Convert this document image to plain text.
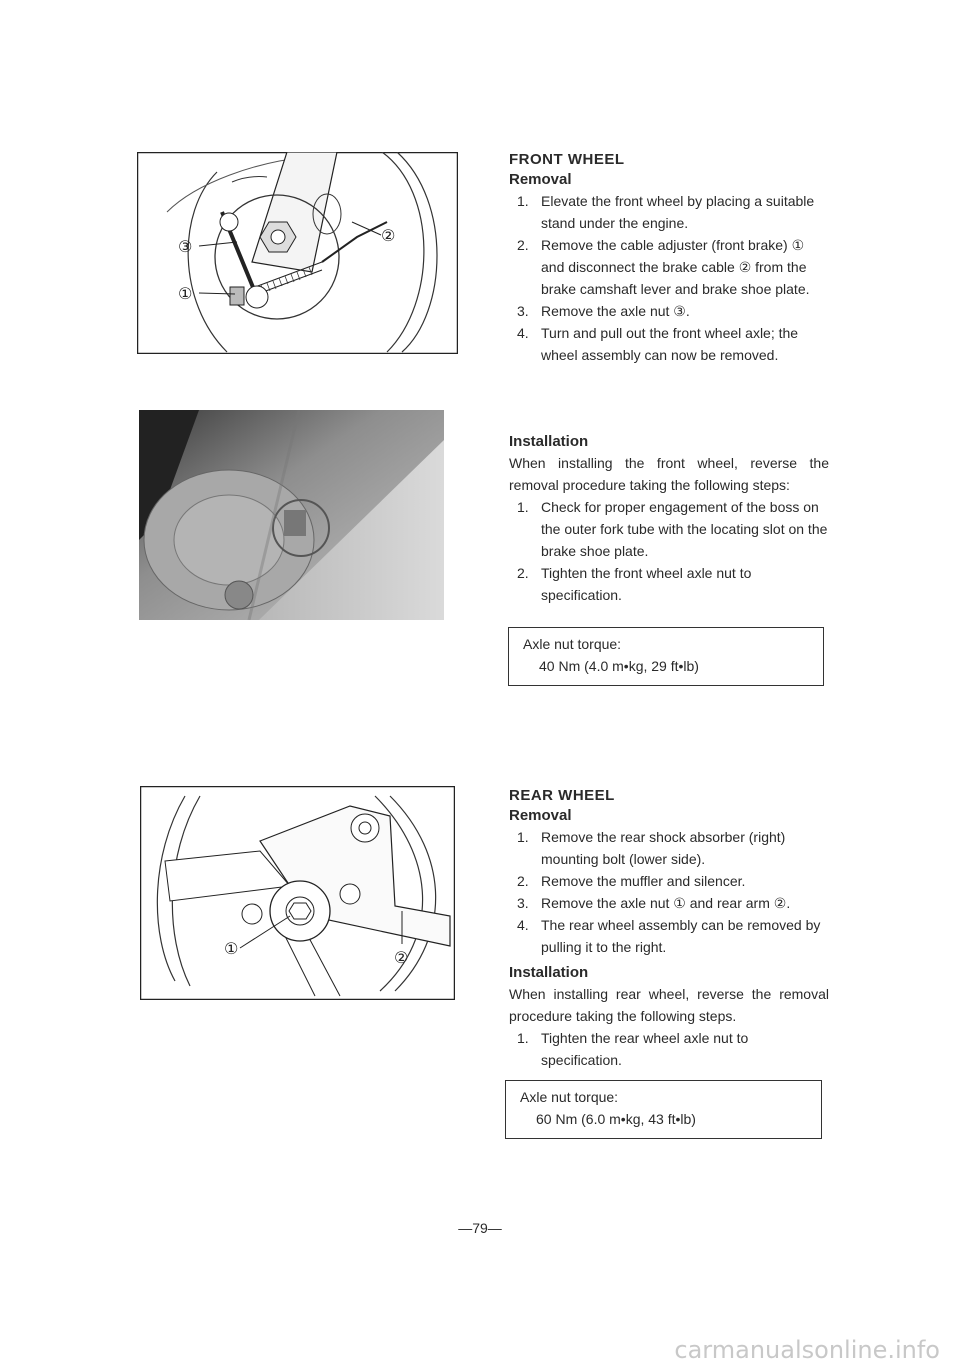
③
①
②
①	②
FRONT WHEEL
Removal
1. Elevate the front wheel by placing a suitable stand under the engine.
2. Remove the cable adjuster (front brake) ① and disconnect the brake cable ② from the brake camshaft lever and brake shoe plate.
3. Remove the axle nut ③.
4. Turn and pull out the front wheel axle; the wheel assembly can now be removed.
Installation
When installing the front wheel, reverse the removal procedure taking the following steps:
1. Check for proper engagement of the boss on the outer fork tube with the locating slot on the brake shoe plate.
2. Tighten the front wheel axle nut to specification.
Axle nut torque:
40 Nm (4.0 m•kg, 29 ft•lb)
REAR WHEEL
Removal
1. Remove the rear shock absorber (right) mounting bolt (lower side).
2. Remove the muffler and silencer.
3. Remove the axle nut ① and rear arm ②.
4. The rear wheel assembly can be removed by pulling it to the right.
Installation
When installing rear wheel, reverse the removal procedure taking the following steps.
1. Tighten the rear wheel axle nut to specification.
Axle nut torque:
60 Nm (6.0 m•kg, 43 ft•lb)
—79—
carmanualsonline.info
